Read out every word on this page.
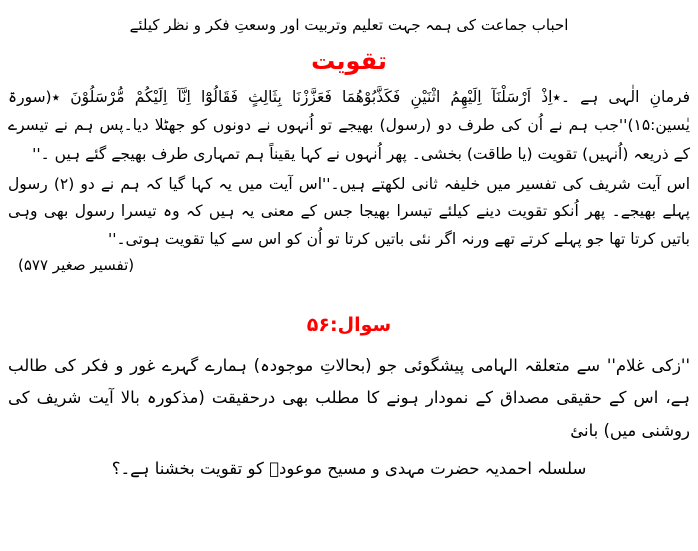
احباب جماعت کی ہمہ جہت تعلیم وتربیت اور وسعتِ فکر و نظر کیلئے
تقویت
فرمانِ الٰہی ہے ۔٭اِذْ اَرْسَلْنَآ اِلَیْھِمُ اثْنَیْنِ فَکَذَّبُوْھُمَا فَعَزَّزْنَا بِثَالِثٍ فَقَالُوْٓا اِنَّآ اِلَیْکُمْ مُّرْسَلُوْنَ ٭(سورۃ یٰسین:۱۵)''جب ہم نے اُن کی طرف دو (رسول) بھیجے تو اُنہوں نے دونوں کو جھٹلا دیا۔پس ہم نے تیسرے کے ذریعہ (اُنہیں) تقویت (یا طاقت) بخشی۔ پھر اُنہوں نے کہا یقیناً ہم تمہاری طرف بھیجے گئے ہیں ۔''
اس آیت شریف کی تفسیر میں خلیفہ ثانی لکھتے ہیں۔''اس آیت میں یہ کہا گیا کہ ہم نے دو (۲) رسول پہلے بھیجے۔ پھر اُنکو تقویت دینے کیلئے تیسرا بھیجا جس کے معنی یہ ہیں کہ وہ تیسرا رسول بھی وہی باتیں کرتا تھا جو پہلے کرتے تھے ورنہ اگر نئی باتیں کرتا تو اُن کو اس سے کیا تقویت ہوتی۔''
(تفسیر صغیر ۵۷۷)
سوال:۵۶
''زکی غلام'' سے متعلقہ الہامی پیشگوئی جو (بحالاتِ موجودہ) ہمارے گہرے غور و فکر کی طالب ہے، اس کے حقیقی مصداق کے نمودار ہونے کا مطلب بھی درحقیقت (مذکورہ بالا آیت شریف کی روشنی میں) بانئ
سلسلہ احمدیہ حضرت مہدی و مسیح موعودؑ کو تقویت بخشنا ہے۔؟
